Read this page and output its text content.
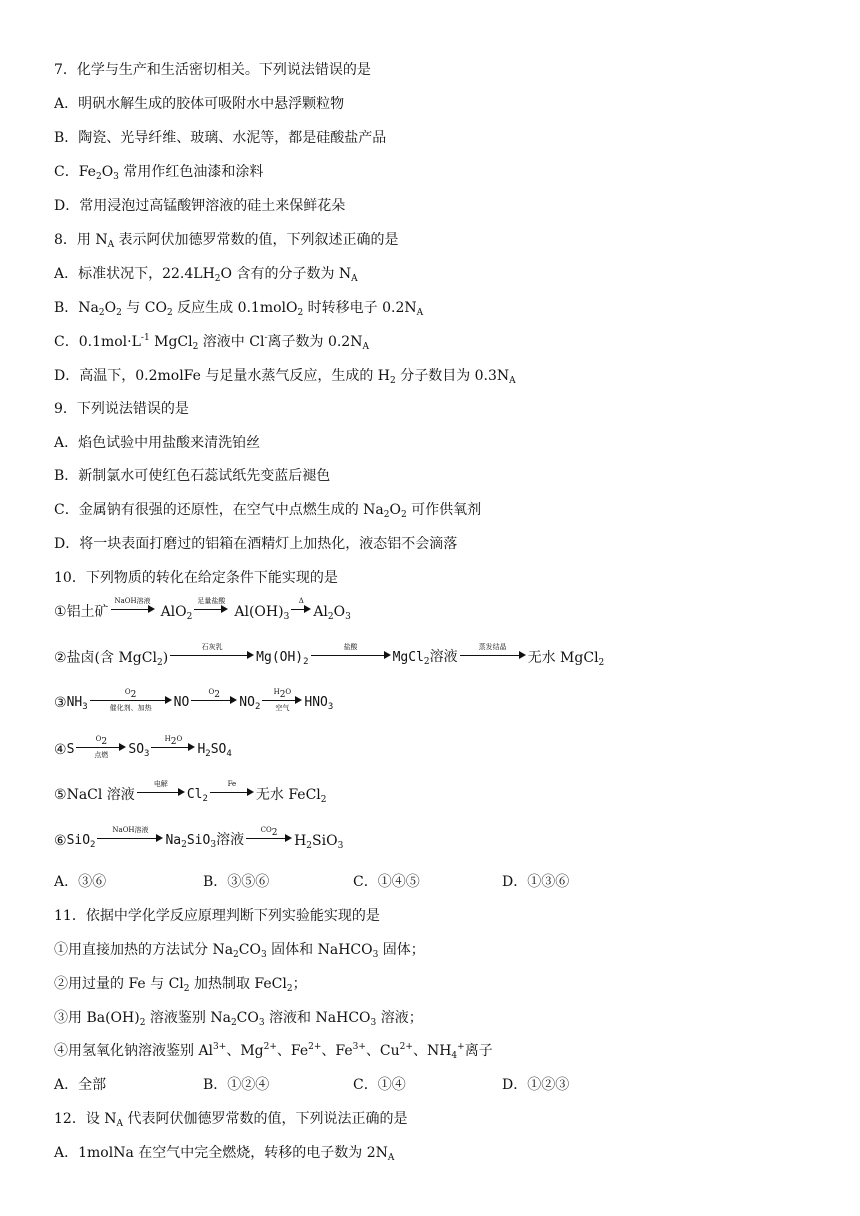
7．化学与生产和生活密切相关。下列说法错误的是
A．明矾水解生成的胶体可吸附水中悬浮颗粒物
B．陶瓷、光导纤维、玻璃、水泥等，都是硅酸盐产品
C．$Fe_2O_3$ 常用作红色油漆和涂料
D．常用浸泡过高锰酸钾溶液的硅土来保鲜花朵
8．用 $N_A$ 表示阿伏加德罗常数的值，下列叙述正确的是
A．标准状况下，$22.4LH_2O$ 含有的分子数为 $N_A$
B．$Na_2O_2$ 与 $CO_2$ 反应生成 0.1molO$_2$ 时转移电子 $0.2N_A$
C．$0.1mol\cdot L^{-1}$ MgCl$_2$ 溶液中 Cl-离子数为 $0.2N_A$
D．高温下，0.2molFe 与足量水蒸气反应，生成的 $H_2$ 分子数目为 $0.3N_A$
9．下列说法错误的是
A．焰色试验中用盐酸来清洗铂丝
B．新制氯水可使红色石蕊试纸先变蓝后褪色
C．金属钠有很强的还原性，在空气中点燃生成的 $Na_2O_2$ 可作供氧剂
D．将一块表面打磨过的铝箱在酒精灯上加热化，液态铝不会滴落
10．下列物质的转化在给定条件下能实现的是
① 铝土矿
NaOH溶液

AlO$_2$
足量盐酸

$Al(OH)_3$
Δ

$Al_2O_3$
② 盐卤(含 MgCl$_2$)
石灰乳

$Mg(OH)_2$
盐酸

MgCl$_2$溶液
蒸发结晶

无水 MgCl$_2$
③ $NH_3$
$O_2$
催化剂、加热	NO
$O_2$
	$NO_2$
$H_2O$
空气	$HNO_3$
④ S
$O_2$
点燃	$SO_3$
$H_2O$

$H_2SO_4$
⑤ NaCl 溶液
电解

$Cl_2$
Fe

无水 FeCl$_2$
⑥ SiO$_2$
NaOH溶液

$Na_2SiO_3$溶液
$CO_2$
	$H_2SiO_3$
A．③⑥	B．③⑤⑥	C．①④⑤	D．①③⑥
11．依据中学化学反应原理判断下列实验能实现的是
①用直接加热的方法试分 $Na_2CO_3$ 固体和 NaHCO$_3$ 固体；
②用过量的 Fe 与 $Cl_2$ 加热制取 FeCl$_2$；
③用 $Ba(OH)_2$ 溶液鉴别 $Na_2CO_3$ 溶液和 NaHCO$_3$ 溶液；
④用氢氧化钠溶液鉴别 $Al^{3+}$、$Mg^{2+}$、$Fe^{2+}$、$Fe^{3+}$、$Cu^{2+}$、$NH_4^+$离子
A．全部	B．①②④	C．①④	D．①②③
12．设 $N_A$ 代表阿伏伽德罗常数的值，下列说法正确的是
A．1molNa 在空气中完全燃烧，转移的电子数为 $2N_A$
